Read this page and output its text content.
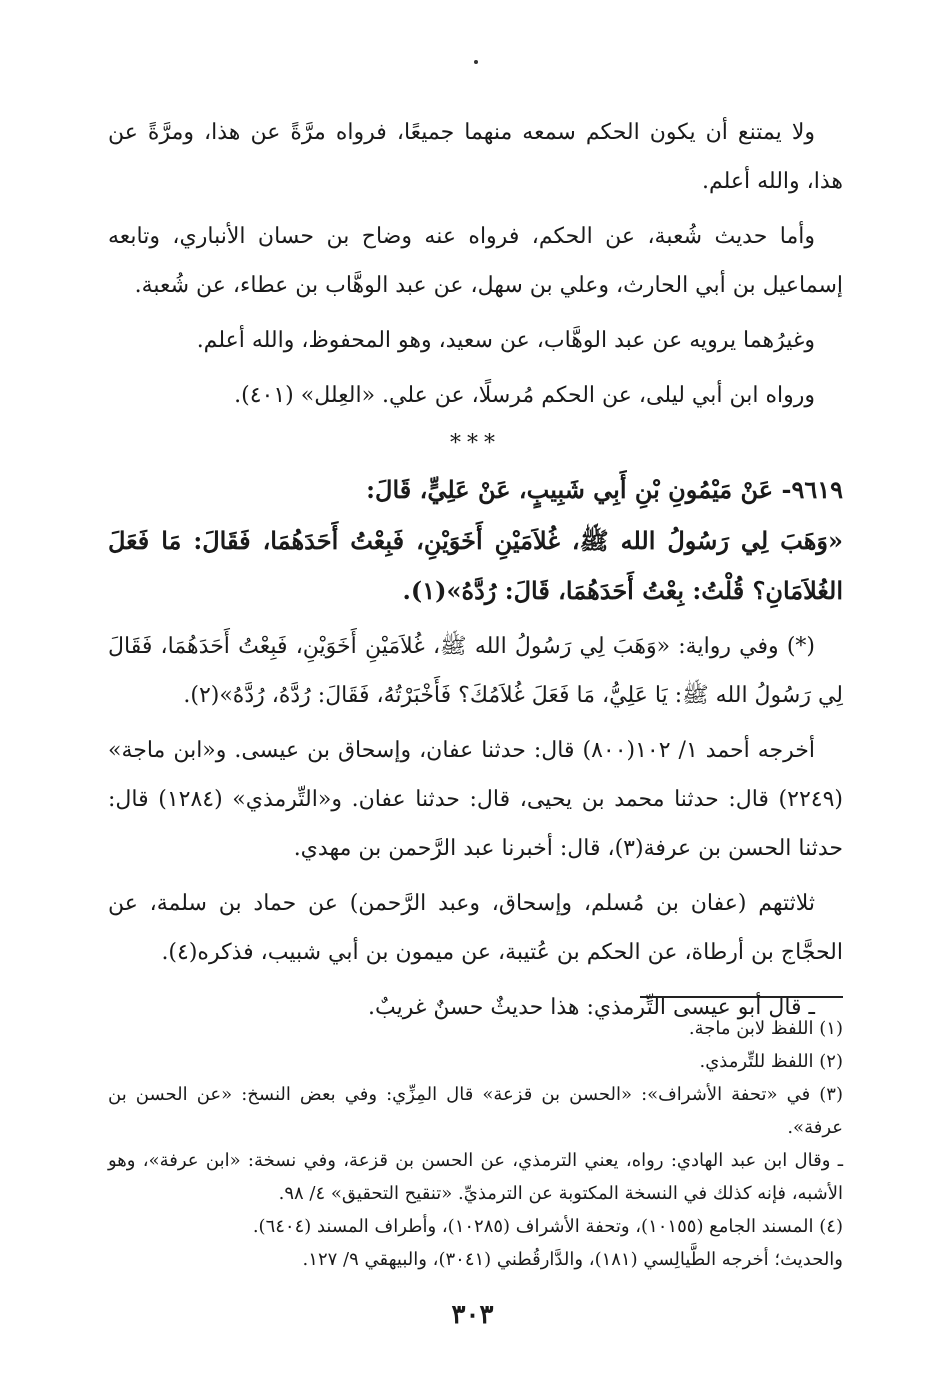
ولا يمتنع أن يكون الحكم سمعه منهما جميعًا، فرواه مرَّةً عن هذا، ومرَّةً عن هذا، والله أعلم.

وأما حديث شُعبة، عن الحكم، فرواه عنه وضاح بن حسان الأنباري، وتابعه إسماعيل بن أبي الحارث، وعلي بن سهل، عن عبد الوهَّاب بن عطاء، عن شُعبة.

وغيرُهما يرويه عن عبد الوهَّاب، عن سعيد، وهو المحفوظ، والله أعلم.

ورواه ابن أبي ليلى، عن الحكم مُرسلًا، عن علي. «العِلل» (٤٠١).

***

٩٦١٩- عَنْ مَيْمُونِ بْنِ أَبِي شَبِيبٍ، عَنْ عَلِيٍّ، قَالَ:

«وَهَبَ لِي رَسُولُ الله ﷺ، غُلاَمَيْنِ أَخَوَيْنِ، فَبِعْتُ أَحَدَهُمَا، فَقَالَ: مَا فَعَلَ الغُلاَمَانِ؟ قُلْتُ: بِعْتُ أَحَدَهُمَا، قَالَ: رُدَّهُ»(١).

(*) وفي رواية: «وَهَبَ لِي رَسُولُ الله ﷺ، غُلاَمَيْنِ أَخَوَيْنِ، فَبِعْتُ أَحَدَهُمَا، فَقَالَ لِي رَسُولُ الله ﷺ: يَا عَلِيُّ، مَا فَعَلَ غُلاَمُكَ؟ فَأَخْبَرْتُهُ، فَقَالَ: رُدَّهُ، رُدَّهُ»(٢).

أخرجه أحمد ١/ ١٠٢(٨٠٠) قال: حدثنا عفان، وإسحاق بن عيسى. و«ابن ماجة» (٢٢٤٩) قال: حدثنا محمد بن يحيى، قال: حدثنا عفان. و«التِّرمذي» (١٢٨٤) قال: حدثنا الحسن بن عرفة(٣)، قال: أخبرنا عبد الرَّحمن بن مهدي.

ثلاثتهم (عفان بن مُسلم، وإسحاق، وعبد الرَّحمن) عن حماد بن سلمة، عن الحجَّاج بن أرطاة، عن الحكم بن عُتيبة، عن ميمون بن أبي شبيب، فذكره(٤).

ـ قال أبو عيسى التِّرمذي: هذا حديثٌ حسنٌ غريبٌ.

(١) اللفظ لابن ماجة.

(٢) اللفظ للتِّرمذي.

(٣) في «تحفة الأشراف»: «الحسن بن قزعة» قال المِزِّي: وفي بعض النسخ: «عن الحسن بن عرفة».

ـ وقال ابن عبد الهادي: رواه، يعني الترمذي، عن الحسن بن قزعة، وفي نسخة: «ابن عرفة»، وهو الأشبه، فإنه كذلك في النسخة المكتوبة عن الترمذيِّ. «تنقيح التحقيق» ٤/ ٩٨.

(٤) المسند الجامع (١٠١٥٥)، وتحفة الأشراف (١٠٢٨٥)، وأطراف المسند (٦٤٠٤).

والحديث؛ أخرجه الطَّيالِسي (١٨١)، والدَّارقُطني (٣٠٤١)، والبيهقي ٩/ ١٢٧.

٣٠٣
